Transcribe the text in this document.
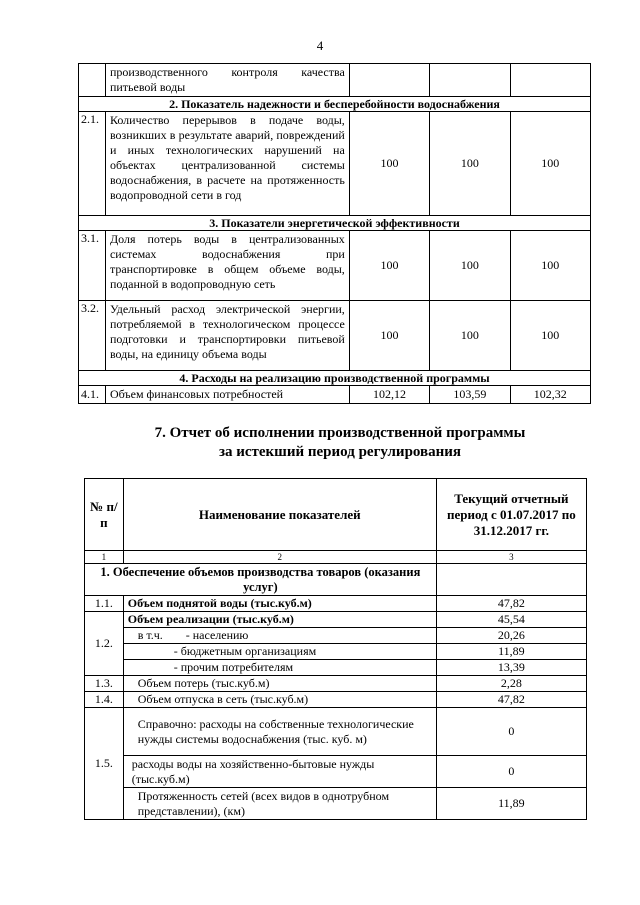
4
	производственного контроля качества питьевой воды			
2. Показатель надежности и бесперебойности водоснабжения				
2.1.	Количество перерывов в подаче воды, возникших в результате аварий, повреждений и иных технологических нарушений на объектах централизованной системы водоснабжения, в расчете на протяженность водопроводной сети в год	100	100	100
3. Показатели энергетической эффективности				
3.1.	Доля потерь воды в централизованных системах водоснабжения при транспортировке в общем объеме воды, поданной в водопроводную сеть	100	100	100
3.2.	Удельный расход электрической энергии, потребляемой в технологическом процессе подготовки и транспортировки питьевой воды, на единицу объема воды	100	100	100
4. Расходы на реализацию производственной программы				
4.1.	Объем финансовых потребностей	102,12	103,59	102,32
7. Отчет об исполнении производственной программы
за истекший период регулирования
№ п/п	Наименование показателей	Текущий отчетный период с 01.07.2017 по 31.12.2017 гг.
1	2	3
1. Обеспечение объемов производства товаров (оказания услуг)		
1.1.	Объем поднятой воды (тыс.куб.м)	47,82
1.2.	Объем реализации (тыс.куб.м)	45,54
	в т.ч. - населению	20,26
	- бюджетным организациям	11,89
	- прочим потребителям	13,39
1.3.	Объем потерь (тыс.куб.м)	2,28
1.4.	Объем отпуска в сеть (тыс.куб.м)	47,82
1.5.	Справочно: расходы на собственные технологические нужды системы водоснабжения (тыс. куб. м)	0
	расходы воды на хозяйственно-бытовые нужды (тыс.куб.м)	0
	Протяженность сетей (всех видов в однотрубном представлении), (км)	11,89
